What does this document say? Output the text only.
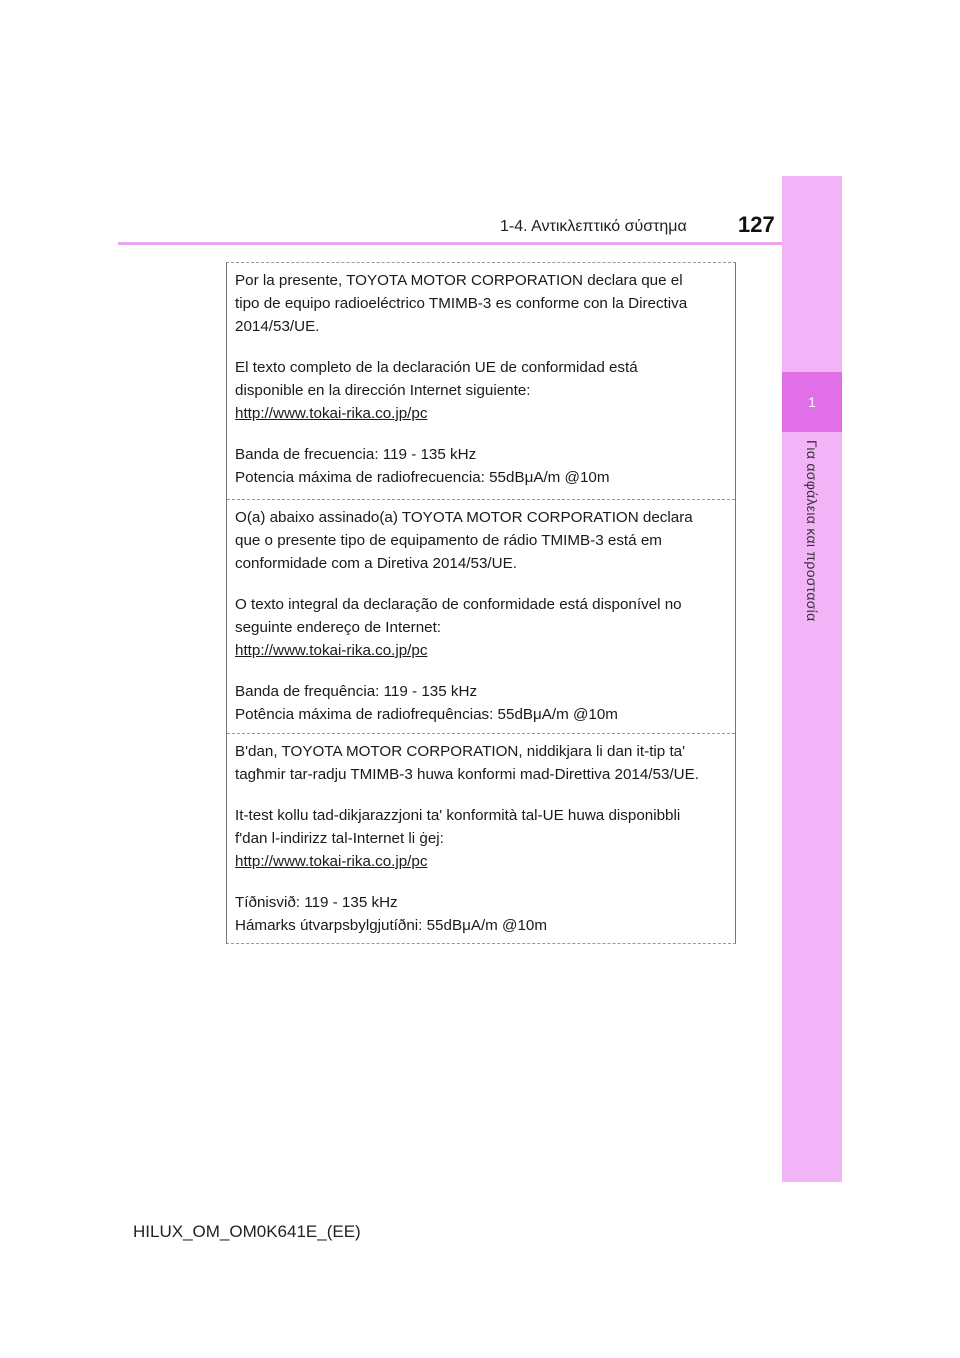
1-4. Αντικλεπτικό σύστημα 127
1
Για ασφάλεια και προστασία

Por la presente, TOYOTA MOTOR CORPORATION declara que el
tipo de equipo radioeléctrico TMIMB-3 es conforme con la Directiva
2014/53/UE.

El texto completo de la declaración UE de conformidad está
disponible en la dirección Internet siguiente:

http://www.tokai-rika.co.jp/pc

Banda de frecuencia: 119 - 135 kHz
Potencia máxima de radiofrecuencia: 55dBμA/m @10m

O(a) abaixo assinado(a) TOYOTA MOTOR CORPORATION declara
que o presente tipo de equipamento de rádio TMIMB-3 está em
conformidade com a Diretiva 2014/53/UE.

O texto integral da declaração de conformidade está disponível no
seguinte endereço de Internet:

http://www.tokai-rika.co.jp/pc

Banda de frequência: 119 - 135 kHz
Potência máxima de radiofrequências: 55dBμA/m @10m

B'dan, TOYOTA MOTOR CORPORATION, niddikjara li dan it-tip ta'
tagħmir tar-radju TMIMB-3 huwa konformi mad-Direttiva 2014/53/UE.

It-test kollu tad-dikjarazzjoni ta' konformità tal-UE huwa disponibbli
f'dan l-indirizz tal-Internet li ġej:

http://www.tokai-rika.co.jp/pc

Tíðnisvið: 119 - 135 kHz
Hámarks útvarpsbylgjutíðni: 55dBμA/m @10m

HILUX_OM_OM0K641E_(EE)
